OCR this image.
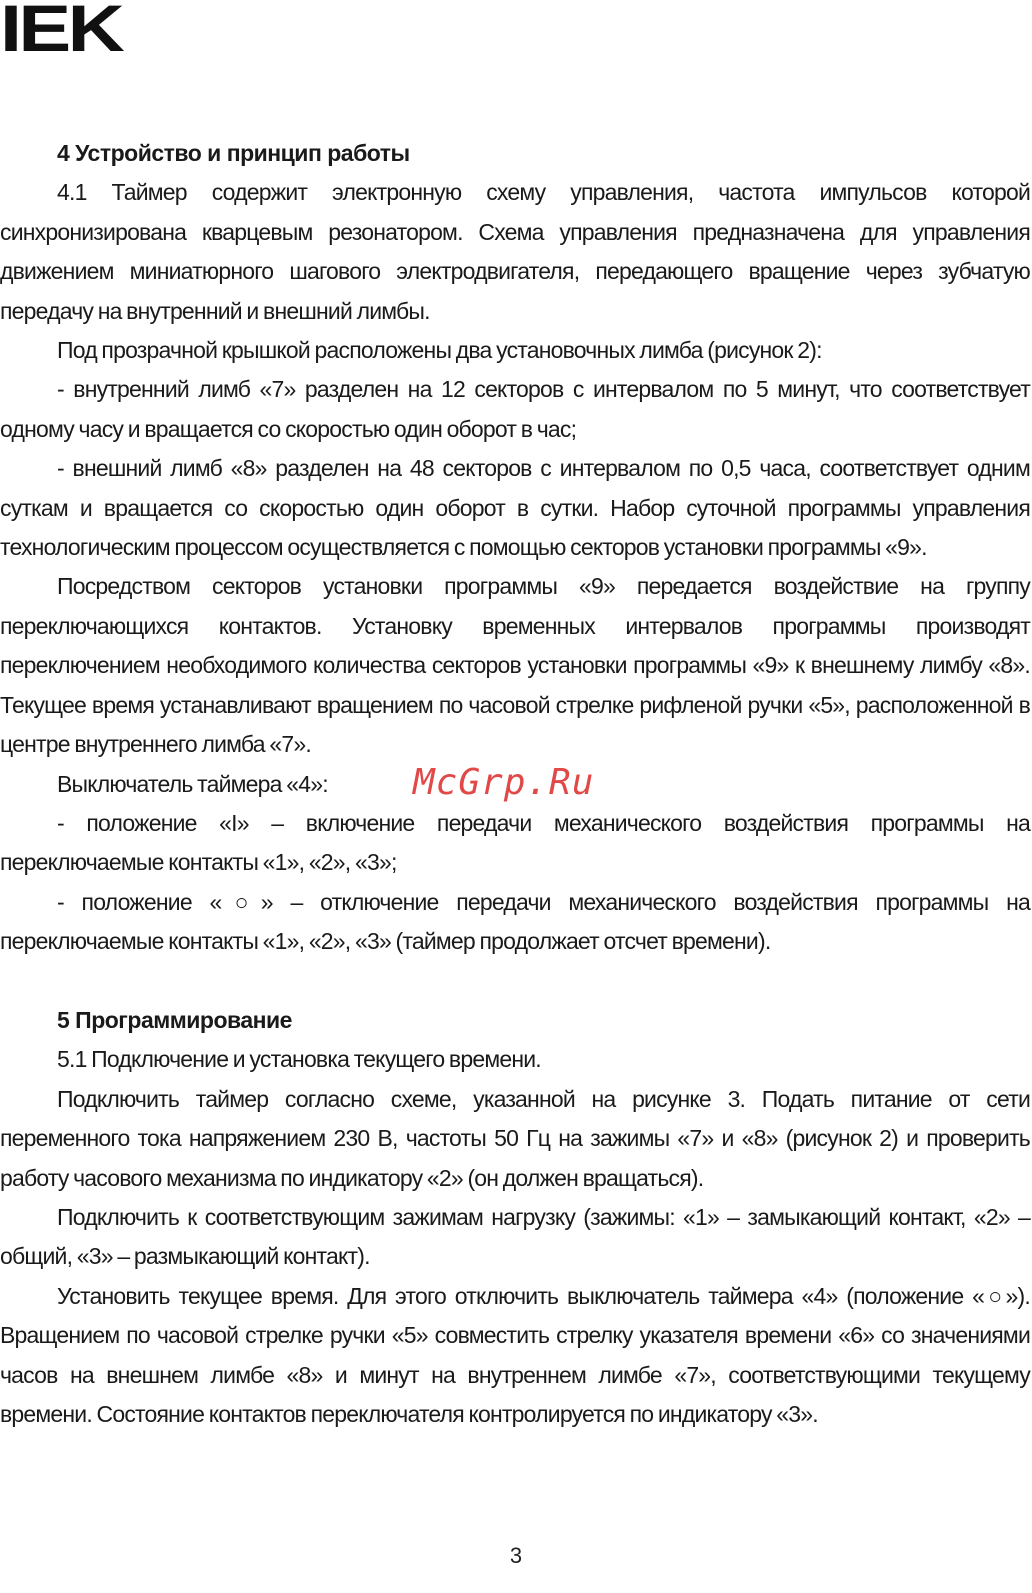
IEK
4 Устройство и принцип работы

4.1 Таймер содержит электронную схему управления, частота импульсов которой синхронизирована кварцевым резонатором. Схема управления предназначена для управления движением миниатюрного шагового электродвигателя, передающего вращение через зубчатую передачу на внутренний и внешний лимбы.

Под прозрачной крышкой расположены два установочных лимба (рисунок 2):

- внутренний лимб «7» разделен на 12 секторов с интервалом по 5 минут, что соответствует одному часу и вращается со скоростью один оборот в час;

- внешний лимб «8» разделен на 48 секторов с интервалом по 0,5 часа, соответствует одним суткам и вращается со скоростью один оборот в сутки. Набор суточной программы управления технологическим процессом осуществляется с помощью секторов установки программы «9».

Посредством секторов установки программы «9» передается воздействие на группу переключающихся контактов. Установку временных интервалов программы производят переключением необходимого количества секторов установки программы «9» к внешнему лимбу «8». Текущее время устанавливают вращением по часовой стрелке рифленой ручки «5», расположенной в центре внутреннего лимба «7».

Выключатель таймера «4»:

- положение «I» – включение передачи механического воздействия программы на переключаемые контакты «1», «2», «3»;

- положение «○» – отключение передачи механического воздействия программы на переключаемые контакты «1», «2», «3» (таймер продолжает отсчет времени).

5 Программирование

5.1 Подключение и установка текущего времени.

Подключить таймер согласно схеме, указанной на рисунке 3. Подать питание от сети переменного тока напряжением 230 В, частоты 50 Гц на зажимы «7» и «8» (рисунок 2) и проверить работу часового механизма по индикатору «2» (он должен вращаться).

Подключить к соответствующим зажимам нагрузку (зажимы: «1» – замыкающий контакт, «2» – общий, «3» – размыкающий контакт).

Установить текущее время. Для этого отключить выключатель таймера «4» (положение «○»). Вращением по часовой стрелке ручки «5» совместить стрелку указателя времени «6» со значениями часов на внешнем лимбе «8» и минут на внутреннем лимбе «7», соответствующими текущему времени. Состояние контактов переключателя контролируется по индикатору «3».

McGrp.Ru
3
